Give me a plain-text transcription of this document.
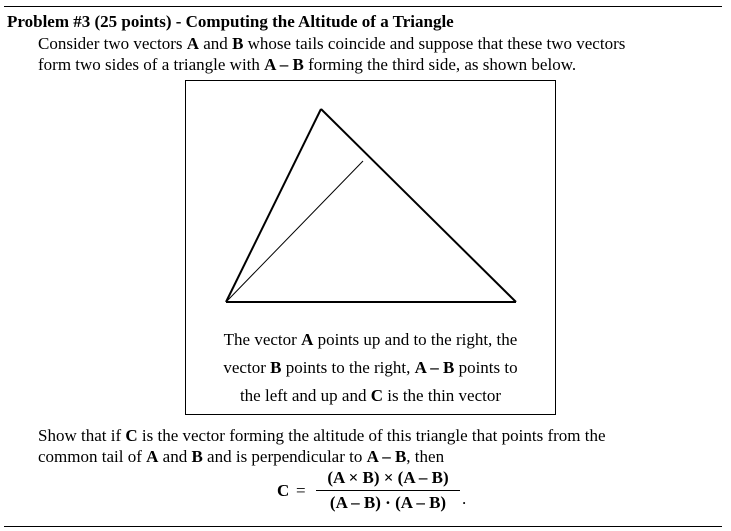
Problem #3 (25 points) - Computing the Altitude of a Triangle
Consider two vectors A and B whose tails coincide and suppose that these two vectors
form two sides of a triangle with A – B forming the third side, as shown below.
The vector A points up and to the right, the
vector B points to the right, A – B points to
the left and up and C is the thin vector
Show that if C is the vector forming the altitude of this triangle that points from the
common tail of A and B and is perpendicular to A – B, then
C =
(A × B) × (A – B)
(A – B) · (A – B) .
